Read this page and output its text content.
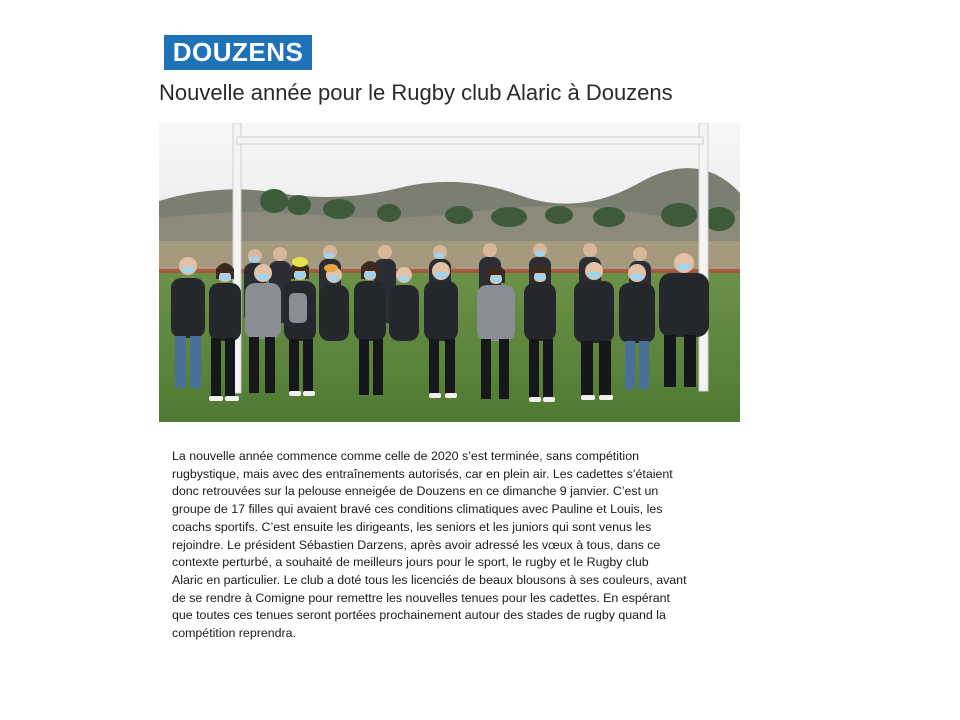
DOUZENS
Nouvelle année pour le Rugby club Alaric à Douzens
La nouvelle année commence comme celle de 2020 s’est terminée, sans compétition
rugbystique, mais avec des entraînements autorisés, car en plein air. Les cadettes s’étaient
donc retrouvées sur la pelouse enneigée de Douzens en ce dimanche 9 janvier. C’est un
groupe de 17 filles qui avaient bravé ces conditions climatiques avec Pauline et Louis, les
coachs sportifs. C’est ensuite les dirigeants, les seniors et les juniors qui sont venus les
rejoindre. Le président Sébastien Darzens, après avoir adressé les vœux à tous, dans ce
contexte perturbé, a souhaité de meilleurs jours pour le sport, le rugby et le Rugby club
Alaric en particulier. Le club a doté tous les licenciés de beaux blousons à ses couleurs, avant
de se rendre à Comigne pour remettre les nouvelles tenues pour les cadettes. En espérant
que toutes ces tenues seront portées prochainement autour des stades de rugby quand la
compétition reprendra.
